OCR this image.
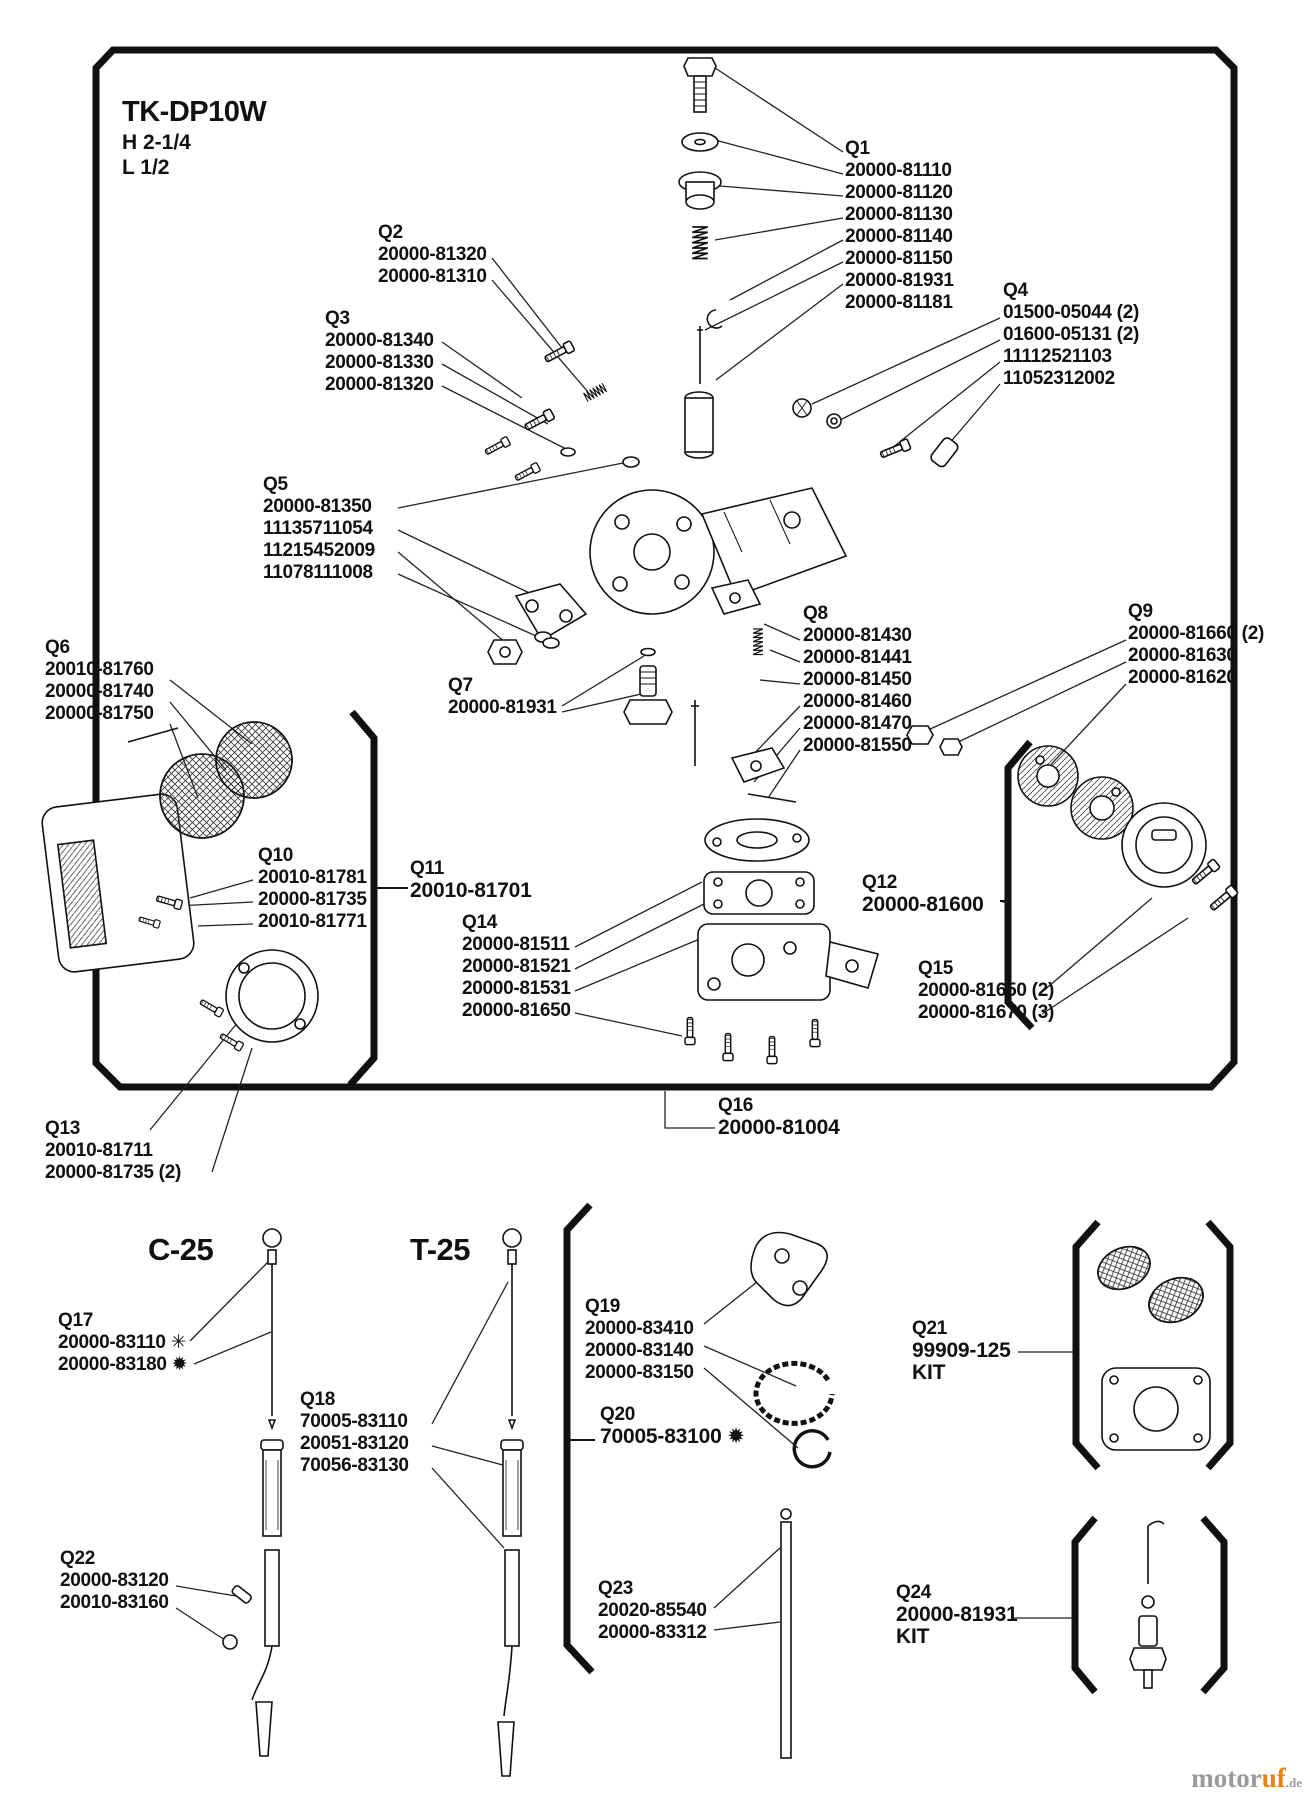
TK-DP10W
H 2-1/4
L 1/2
C-25	T-25
Q1
20000-81110
20000-81120
20000-81130
20000-81140
20000-81150
20000-81931
20000-81181
Q2
20000-81320
20000-81310
Q3
20000-81340
20000-81330
20000-81320
Q4
01500-05044 (2)
01600-05131 (2)
11112521103
11052312002
Q5
20000-81350
11135711054
11215452009
11078111008
Q6
20010-81760
20000-81740
20000-81750
Q7
20000-81931
Q8
20000-81430
20000-81441
20000-81450
20000-81460
20000-81470
20000-81550
Q9
20000-81660 (2)
20000-81630
20000-81620
Q10
20010-81781
20000-81735
20010-81771
Q11
20010-81701	Q12
20000-81600
Q13
20010-81711
20000-81735 (2)
Q14
20000-81511
20000-81521
20000-81531
20000-81650
Q15
20000-81650 (2)
20000-81670 (3)
Q16
20000-81004
Q17
20000-83110 ✳
20000-83180 ✹
Q18
70005-83110
20051-83120
70056-83130
Q19
20000-83410
20000-83140
20000-83150
Q20
70005-83100 ✹
Q21
99909-125
KIT
Q22
20000-83120
20010-83160
Q23
20020-85540
20000-83312
Q24
20000-81931
KIT
motoruf.de
